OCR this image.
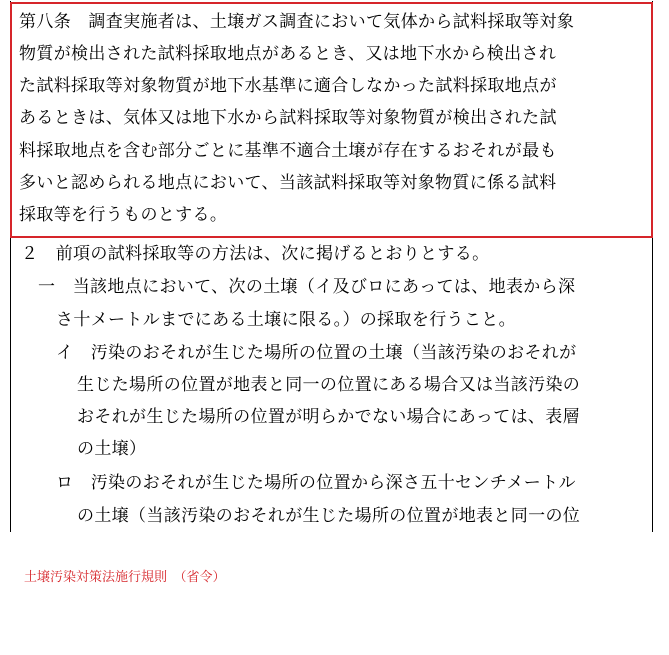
第八条　調査実施者は、土壌ガス調査において気体から試料採取等対象
物質が検出された試料採取地点があるとき、又は地下水から検出され
た試料採取等対象物質が地下水基準に適合しなかった試料採取地点が
あるときは、気体又は地下水から試料採取等対象物質が検出された試
料採取地点を含む部分ごとに基準不適合土壌が存在するおそれが最も
多いと認められる地点において、当該試料採取等対象物質に係る試料
採取等を行うものとする。
２　前項の試料採取等の方法は、次に掲げるとおりとする。
一　当該地点において、次の土壌（イ及びロにあっては、地表から深
さ十メートルまでにある土壌に限る。）の採取を行うこと。
イ　汚染のおそれが生じた場所の位置の土壌（当該汚染のおそれが
生じた場所の位置が地表と同一の位置にある場合又は当該汚染の
おそれが生じた場所の位置が明らかでない場合にあっては、表層
の土壌）
ロ　汚染のおそれが生じた場所の位置から深さ五十センチメートル
の土壌（当該汚染のおそれが生じた場所の位置が地表と同一の位
土壌汚染対策法施行規則　（省令）
